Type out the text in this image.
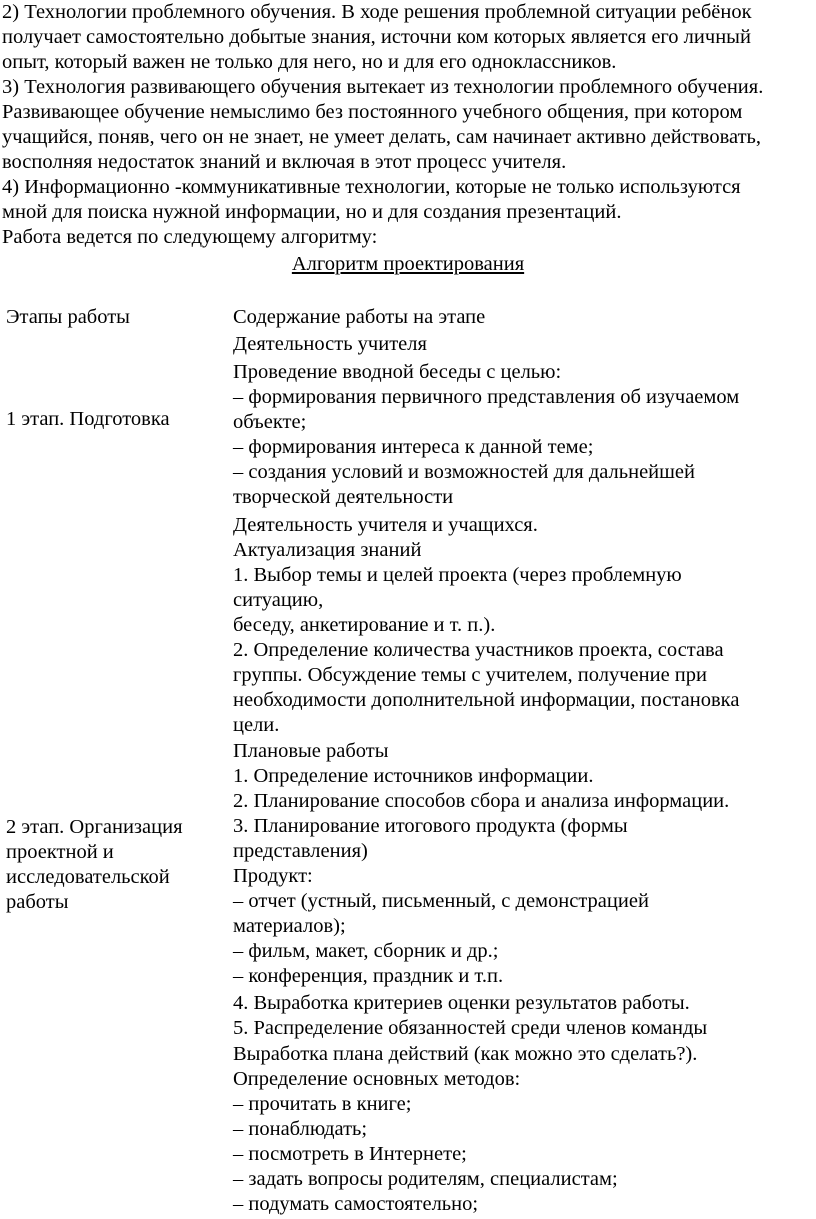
2) Технологии проблемного обучения. В ходе решения проблемной ситуации ребёнок
получает самостоятельно добытые знания, источни ком которых является его личный
опыт, который важен не только для него, но и для его одноклассников.
3) Технология развивающего обучения вытекает из технологии проблемного обучения.
Развивающее обучение немыслимо без постоянного учебного общения, при котором
учащийся, поняв, чего он не знает, не умеет делать, сам начинает активно действовать,
восполняя недостаток знаний и включая в этот процесс учителя.
4) Информационно -коммуникативные технологии, которые не только используются
мной для поиска нужной информации, но и для создания презентаций.
Работа ведется по следующему алгоритму:
Алгоритм проектирования
Этапы работы	Содержание работы на этапе
1 этап. Подготовка
Деятельность учителя
Проведение вводной беседы с целью:
– формирования первичного представления об изучаемом
объекте;
– формирования интереса к данной теме;
– создания условий и возможностей для дальнейшей
творческой деятельности
2 этап. Организация
проектной и
исследовательской
работы
Деятельность учителя и учащихся.
Актуализация знаний
1. Выбор темы и целей проекта (через проблемную
ситуацию,
беседу, анкетирование и т. п.).
2. Определение количества участников проекта, состава
группы. Обсуждение темы с учителем, получение при
необходимости дополнительной информации, постановка
цели.
Плановые работы
1. Определение источников информации.
2. Планирование способов сбора и анализа информации.
3. Планирование итогового продукта (формы
представления)
Продукт:
– отчет (устный, письменный, с демонстрацией
материалов);
– фильм, макет, сборник и др.;
– конференция, праздник и т.п.
4. Выработка критериев оценки результатов работы.
5. Распределение обязанностей среди членов команды
Выработка плана действий (как можно это сделать?).
Определение основных методов:
– прочитать в книге;
– понаблюдать;
– посмотреть в Интернете;
– задать вопросы родителям, специалистам;
– подумать самостоятельно;
